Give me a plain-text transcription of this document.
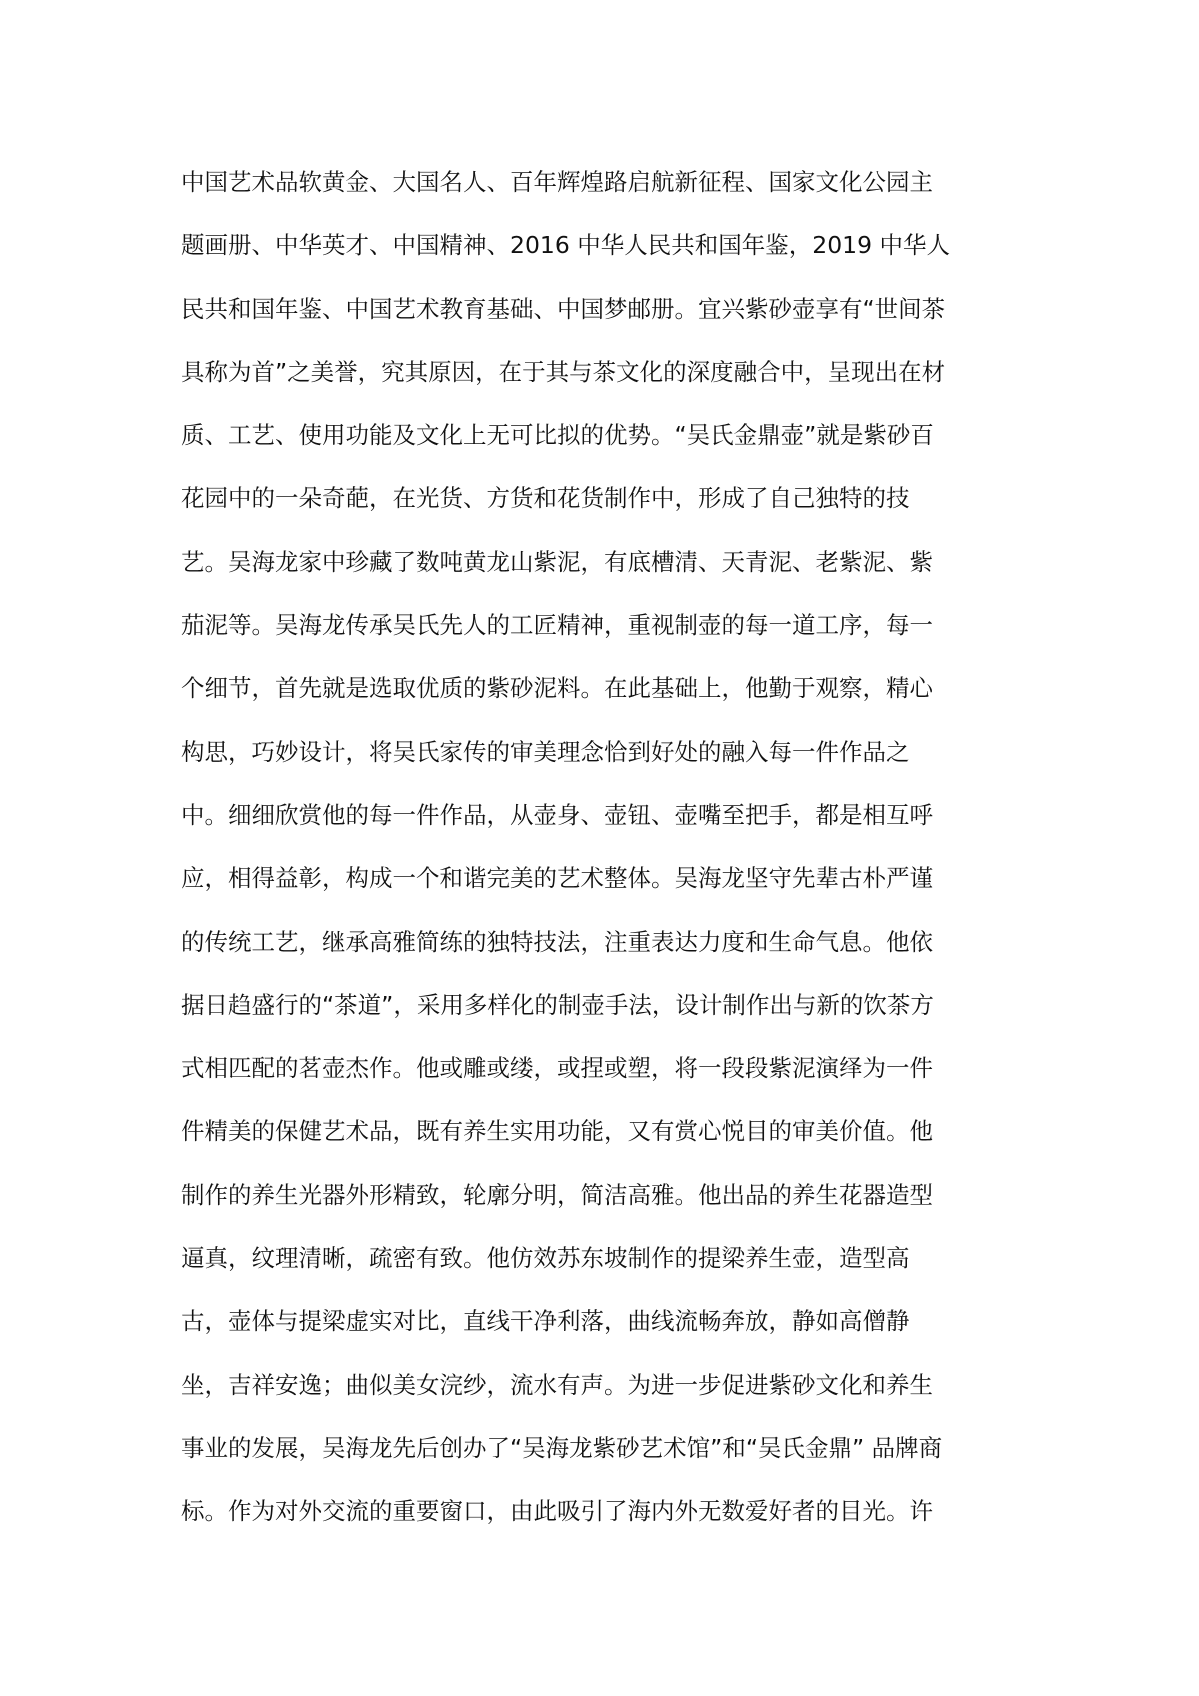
中国艺术品软黄金、大国名人、百年辉煌路启航新征程、国家文化公园主
题画册、中华英才、中国精神、2016 中华人民共和国年鉴，2019 中华人
民共和国年鉴、中国艺术教育基础、中国梦邮册。宜兴紫砂壶享有“世间茶
具称为首”之美誉，究其原因，在于其与茶文化的深度融合中，呈现出在材
质、工艺、使用功能及文化上无可比拟的优势。“吴氏金鼎壶”就是紫砂百
花园中的一朵奇葩，在光货、方货和花货制作中，形成了自己独特的技
艺。吴海龙家中珍藏了数吨黄龙山紫泥，有底槽清、天青泥、老紫泥、紫
茄泥等。吴海龙传承吴氏先人的工匠精神，重视制壶的每一道工序，每一
个细节，首先就是选取优质的紫砂泥料。在此基础上，他勤于观察，精心
构思，巧妙设计，将吴氏家传的审美理念恰到好处的融入每一件作品之
中。细细欣赏他的每一件作品，从壶身、壶钮、壶嘴至把手，都是相互呼
应，相得益彰，构成一个和谐完美的艺术整体。吴海龙坚守先辈古朴严谨
的传统工艺，继承高雅简练的独特技法，注重表达力度和生命气息。他依
据日趋盛行的“茶道”，采用多样化的制壶手法，设计制作出与新的饮茶方
式相匹配的茗壶杰作。他或雕或缕，或捏或塑，将一段段紫泥演绎为一件
件精美的保健艺术品，既有养生实用功能，又有赏心悦目的审美价值。他
制作的养生光器外形精致，轮廓分明，简洁高雅。他出品的养生花器造型
逼真，纹理清晰，疏密有致。他仿效苏东坡制作的提梁养生壶，造型高
古，壶体与提梁虚实对比，直线干净利落，曲线流畅奔放，静如高僧静
坐，吉祥安逸；曲似美女浣纱，流水有声。为进一步促进紫砂文化和养生
事业的发展，吴海龙先后创办了“吴海龙紫砂艺术馆”和“吴氏金鼎” 品牌商
标。作为对外交流的重要窗口，由此吸引了海内外无数爱好者的目光。许
